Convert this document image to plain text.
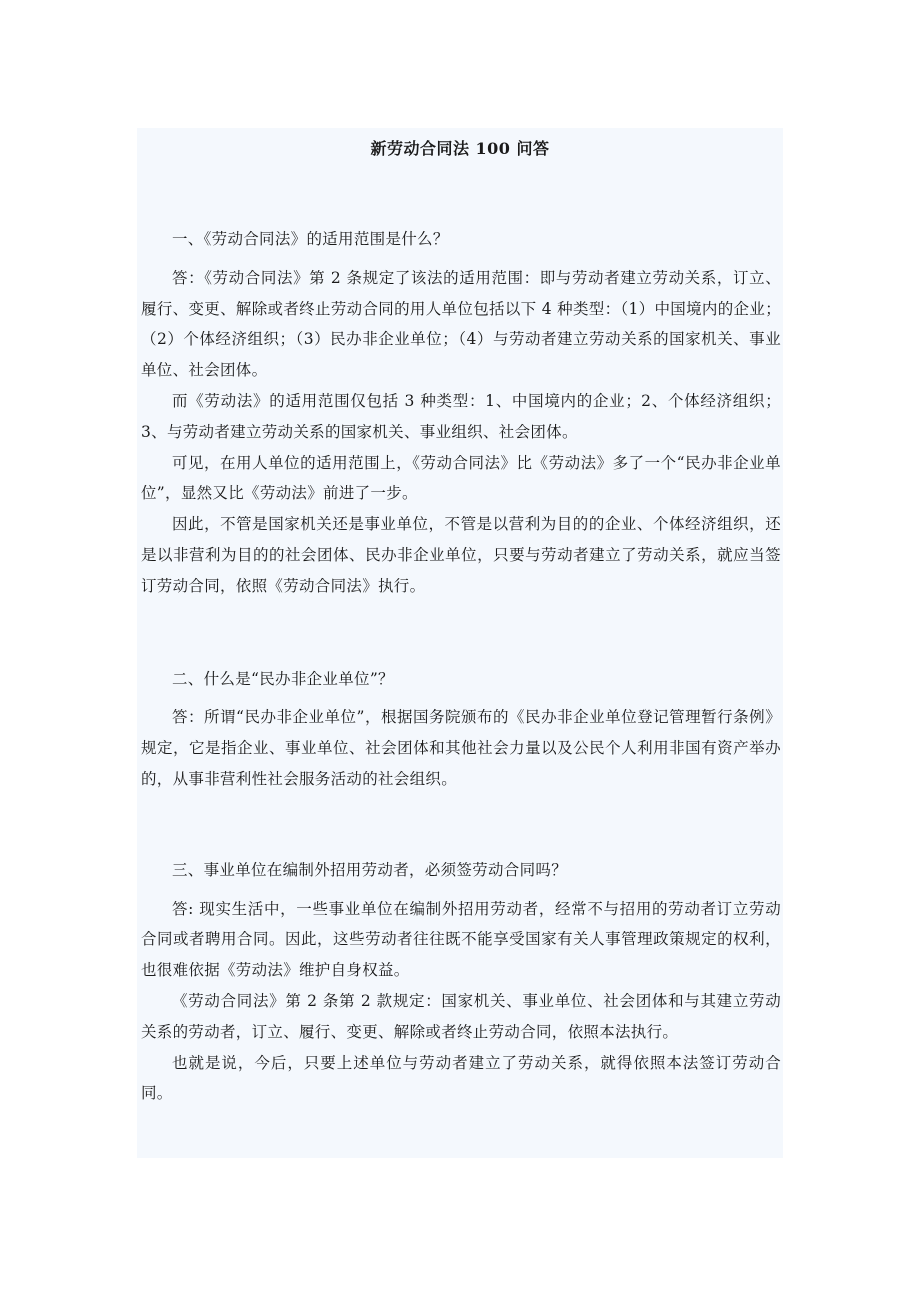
新劳动合同法 100 问答

一、《劳动合同法》的适用范围是什么？

答：《劳动合同法》第 2 条规定了该法的适用范围：即与劳动者建立劳动关系，订立、履行、变更、解除或者终止劳动合同的用人单位包括以下 4 种类型：（1）中国境内的企业；（2）个体经济组织；（3）民办非企业单位；（4）与劳动者建立劳动关系的国家机关、事业单位、社会团体。

而《劳动法》的适用范围仅包括 3 种类型：1、中国境内的企业；2、个体经济组织；3、与劳动者建立劳动关系的国家机关、事业组织、社会团体。

可见，在用人单位的适用范围上，《劳动合同法》比《劳动法》多了一个“民办非企业单位”，显然又比《劳动法》前进了一步。

因此，不管是国家机关还是事业单位，不管是以营利为目的的企业、个体经济组织，还是以非营利为目的的社会团体、民办非企业单位，只要与劳动者建立了劳动关系，就应当签订劳动合同，依照《劳动合同法》执行。

二、什么是“民办非企业单位”？

答：所谓“民办非企业单位”，根据国务院颁布的《民办非企业单位登记管理暂行条例》规定，它是指企业、事业单位、社会团体和其他社会力量以及公民个人利用非国有资产举办的，从事非营利性社会服务活动的社会组织。

三、事业单位在编制外招用劳动者，必须签劳动合同吗？

答: 现实生活中，一些事业单位在编制外招用劳动者，经常不与招用的劳动者订立劳动合同或者聘用合同。因此，这些劳动者往往既不能享受国家有关人事管理政策规定的权利，也很难依据《劳动法》维护自身权益。

《劳动合同法》第 2 条第 2 款规定：国家机关、事业单位、社会团体和与其建立劳动关系的劳动者，订立、履行、变更、解除或者终止劳动合同，依照本法执行。

也就是说，今后，只要上述单位与劳动者建立了劳动关系，就得依照本法签订劳动合同。
